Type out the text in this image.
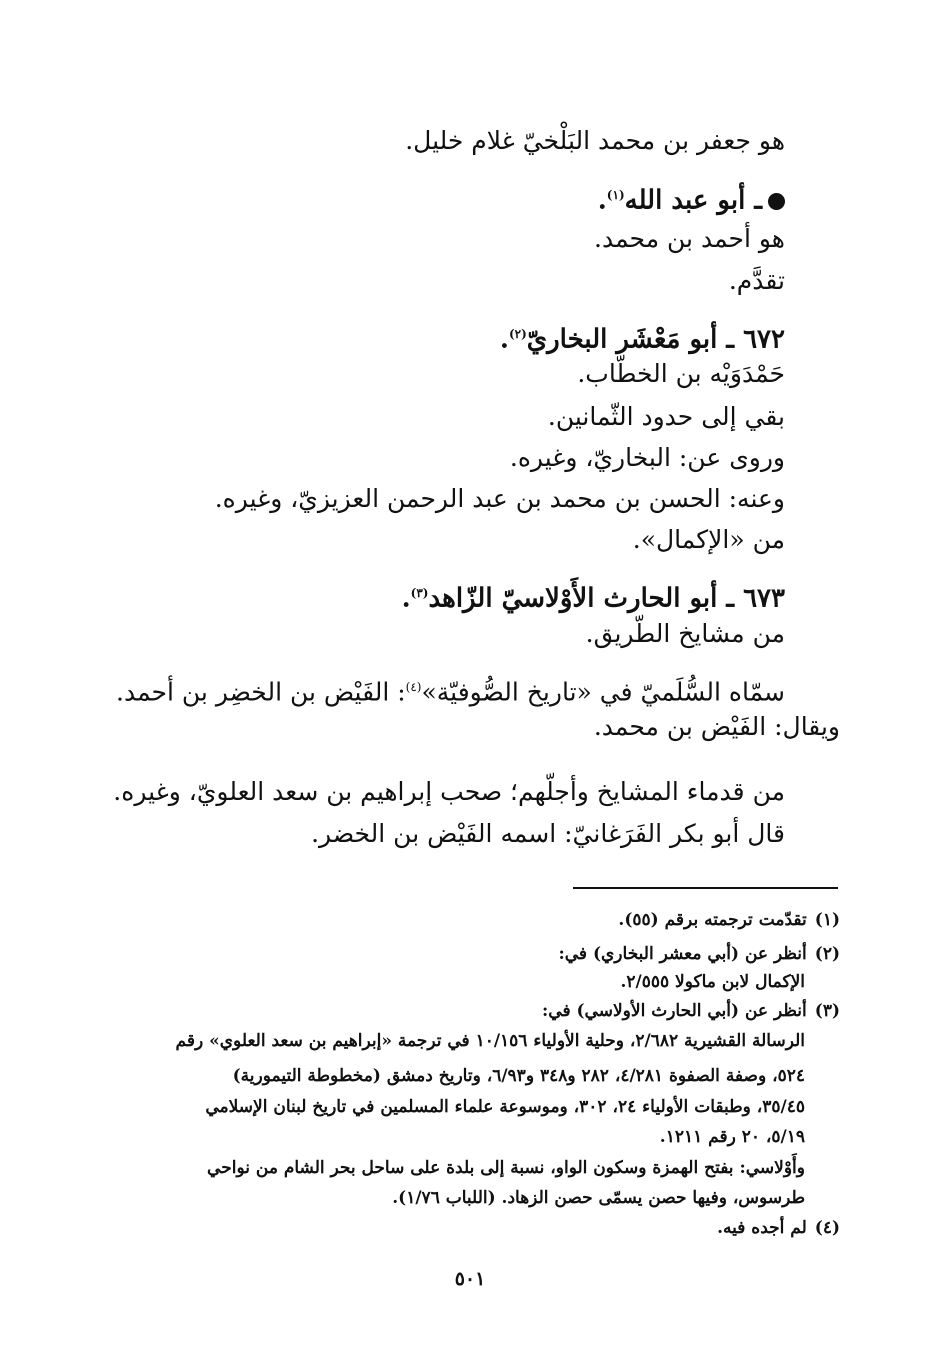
هو جعفر بن محمد البَلْخيّ غلام خليل.
ـ أبو عبد الله$^{(١)}$.
هو أحمد بن محمد.
تقدَّم.
٦٧٢ ـ أبو مَعْشَر البخاريّ$^{(٢)}$.
حَمْدَوَيْه بن الخطّاب.
بقي إلى حدود الثّمانين.
وروى عن: البخاريّ، وغيره.
وعنه: الحسن بن محمد بن عبد الرحمن العزيزيّ، وغيره.
من «الإكمال».
٦٧٣ ـ أبو الحارث الأَوْلاسيّ الزّاهد$^{(٣)}$.
من مشايخ الطّريق.
سمّاه السُّلَميّ في «تاريخ الصُّوفيّة»$^{(٤)}$: الفَيْض بن الخضِر بن أحمد.
ويقال: الفَيْض بن محمد.
من قدماء المشايخ وأجلّهم؛ صحب إبراهيم بن سعد العلويّ، وغيره.
قال أبو بكر الفَرَغانيّ: اسمه الفَيْض بن الخضر.
(١)تقدّمت ترجمته برقم (٥٥).
(٢)أنظر عن (أبي معشر البخاري) في:
الإكمال لابن ماكولا ٢/٥٥٥.
(٣)أنظر عن (أبي الحارث الأولاسي) في:
الرسالة القشيرية ٢/٦٨٢، وحلية الأولياء ١٠/١٥٦ في ترجمة «إبراهيم بن سعد العلوي» رقم
٥٢٤، وصفة الصفوة ٤/٢٨١، ٢٨٢ و٣٤٨ و٦/٩٣، وتاريخ دمشق (مخطوطة التيمورية)
٣٥/٤٥، وطبقات الأولياء ٢٤، ٣٠٢، وموسوعة علماء المسلمين في تاريخ لبنان الإسلامي
٥/١٩، ٢٠ رقم ١٢١١.
وأَوْلاسي: بفتح الهمزة وسكون الواو، نسبة إلى بلدة على ساحل بحر الشام من نواحي
طرسوس، وفيها حصن يسمّى حصن الزهاد. (اللباب ١/٧٦).
(٤)لم أجده فيه.
٥٠١
